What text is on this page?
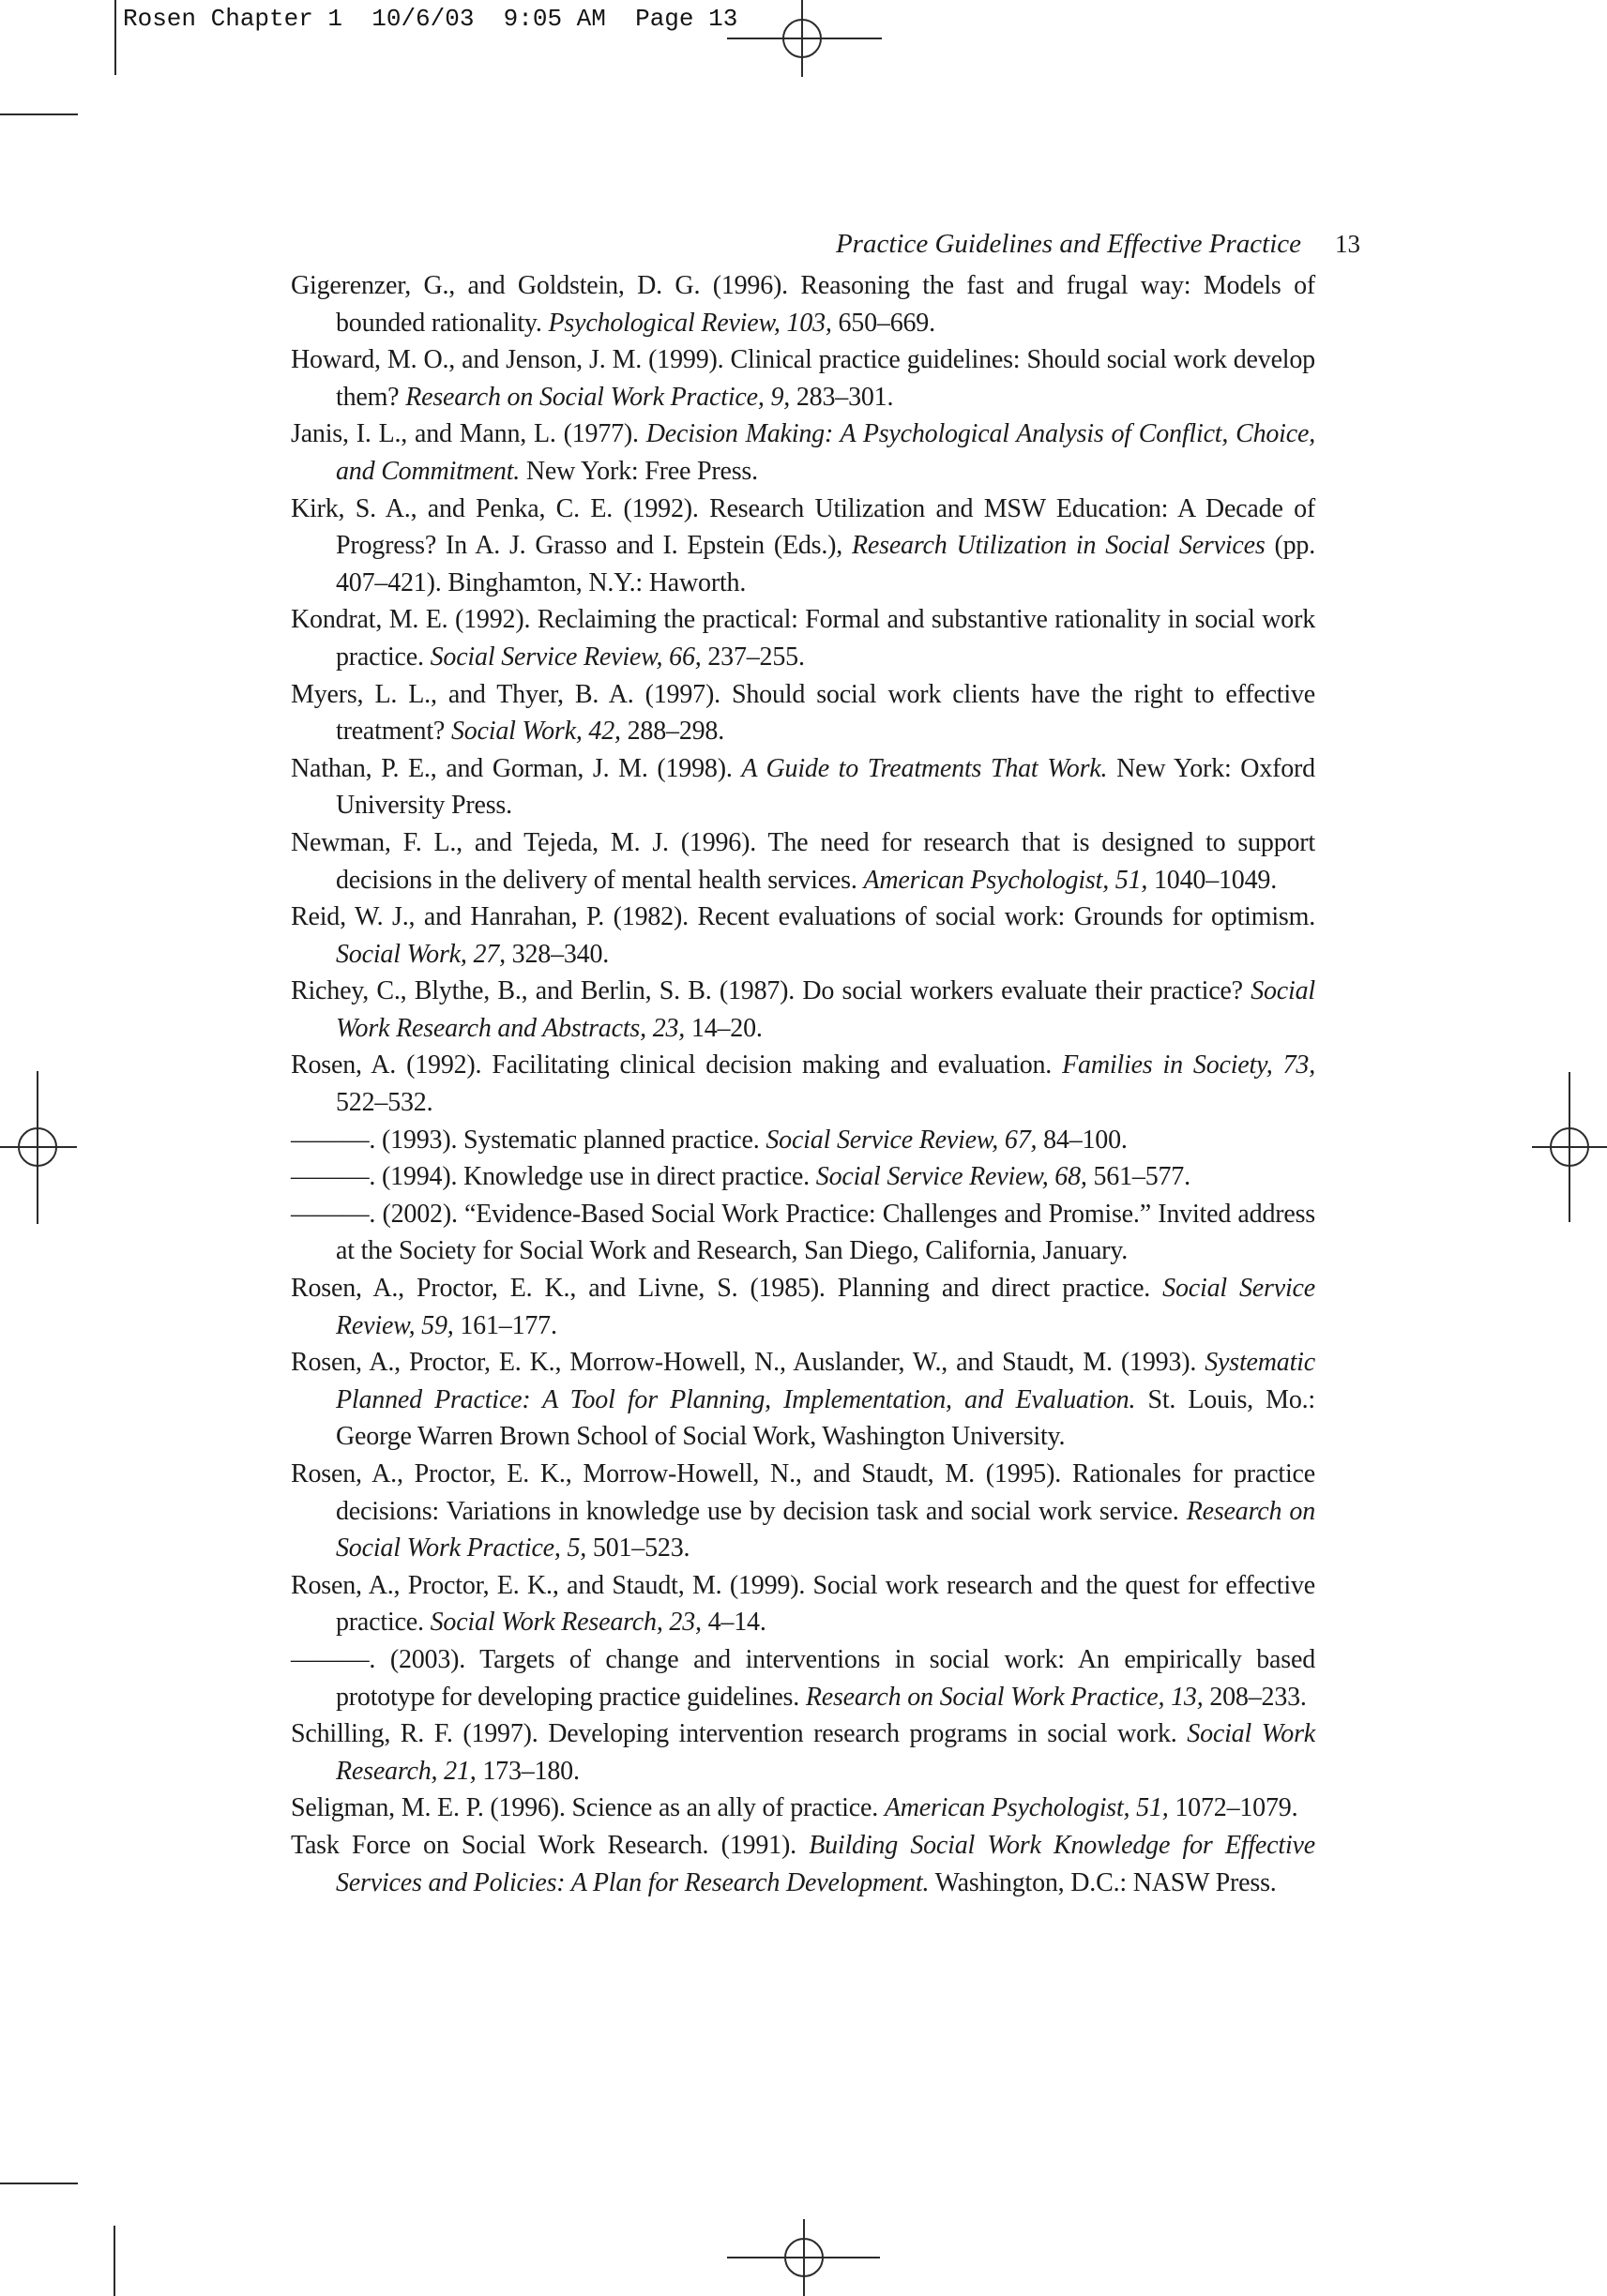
Rosen Chapter 1  10/6/03  9:05 AM  Page 13
Practice Guidelines and Effective Practice 13

Gigerenzer, G., and Goldstein, D. G. (1996). Reasoning the fast and frugal way: Models of bounded rationality. Psychological Review, 103, 650–669.

Howard, M. O., and Jenson, J. M. (1999). Clinical practice guidelines: Should social work develop them? Research on Social Work Practice, 9, 283–301.

Janis, I. L., and Mann, L. (1977). Decision Making: A Psychological Analysis of Conflict, Choice, and Commitment. New York: Free Press.

Kirk, S. A., and Penka, C. E. (1992). Research Utilization and MSW Education: A Decade of Progress? In A. J. Grasso and I. Epstein (Eds.), Research Utilization in Social Services (pp. 407–421). Binghamton, N.Y.: Haworth.

Kondrat, M. E. (1992). Reclaiming the practical: Formal and substantive rationality in social work practice. Social Service Review, 66, 237–255.

Myers, L. L., and Thyer, B. A. (1997). Should social work clients have the right to effective treatment? Social Work, 42, 288–298.

Nathan, P. E., and Gorman, J. M. (1998). A Guide to Treatments That Work. New York: Oxford University Press.

Newman, F. L., and Tejeda, M. J. (1996). The need for research that is designed to support decisions in the delivery of mental health services. American Psychologist, 51, 1040–1049.

Reid, W. J., and Hanrahan, P. (1982). Recent evaluations of social work: Grounds for optimism. Social Work, 27, 328–340.

Richey, C., Blythe, B., and Berlin, S. B. (1987). Do social workers evaluate their practice? Social Work Research and Abstracts, 23, 14–20.

Rosen, A. (1992). Facilitating clinical decision making and evaluation. Families in Society, 73, 522–532.

———. (1993). Systematic planned practice. Social Service Review, 67, 84–100.

———. (1994). Knowledge use in direct practice. Social Service Review, 68, 561–577.

———. (2002). “Evidence-Based Social Work Practice: Challenges and Promise.” Invited address at the Society for Social Work and Research, San Diego, California, January.

Rosen, A., Proctor, E. K., and Livne, S. (1985). Planning and direct practice. Social Service Review, 59, 161–177.

Rosen, A., Proctor, E. K., Morrow-Howell, N., Auslander, W., and Staudt, M. (1993). Systematic Planned Practice: A Tool for Planning, Implementation, and Evaluation. St. Louis, Mo.: George Warren Brown School of Social Work, Washington University.

Rosen, A., Proctor, E. K., Morrow-Howell, N., and Staudt, M. (1995). Rationales for practice decisions: Variations in knowledge use by decision task and social work service. Research on Social Work Practice, 5, 501–523.

Rosen, A., Proctor, E. K., and Staudt, M. (1999). Social work research and the quest for effective practice. Social Work Research, 23, 4–14.

———. (2003). Targets of change and interventions in social work: An empirically based prototype for developing practice guidelines. Research on Social Work Practice, 13, 208–233.

Schilling, R. F. (1997). Developing intervention research programs in social work. Social Work Research, 21, 173–180.

Seligman, M. E. P. (1996). Science as an ally of practice. American Psychologist, 51, 1072–1079.

Task Force on Social Work Research. (1991). Building Social Work Knowledge for Effective Services and Policies: A Plan for Research Development. Washington, D.C.: NASW Press.
